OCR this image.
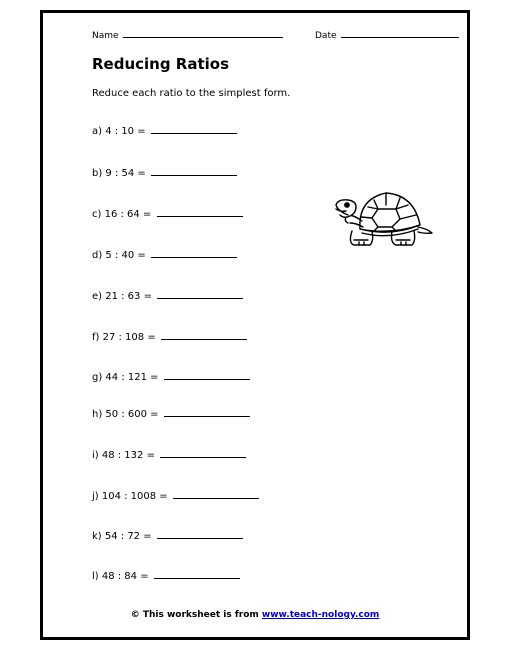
Name	Date
Reducing Ratios
Reduce each ratio to the simplest form.
a) 4 : 10 =
b) 9 : 54 =
c) 16 : 64 =
d) 5 : 40 =
e) 21 : 63 =
f) 27 : 108 =
g) 44 : 121 =
h) 50 : 600 =
i) 48 : 132 =
j) 104 : 1008 =
k) 54 : 72 =
l) 48 : 84 =
© This worksheet is from www.teach-nology.com
